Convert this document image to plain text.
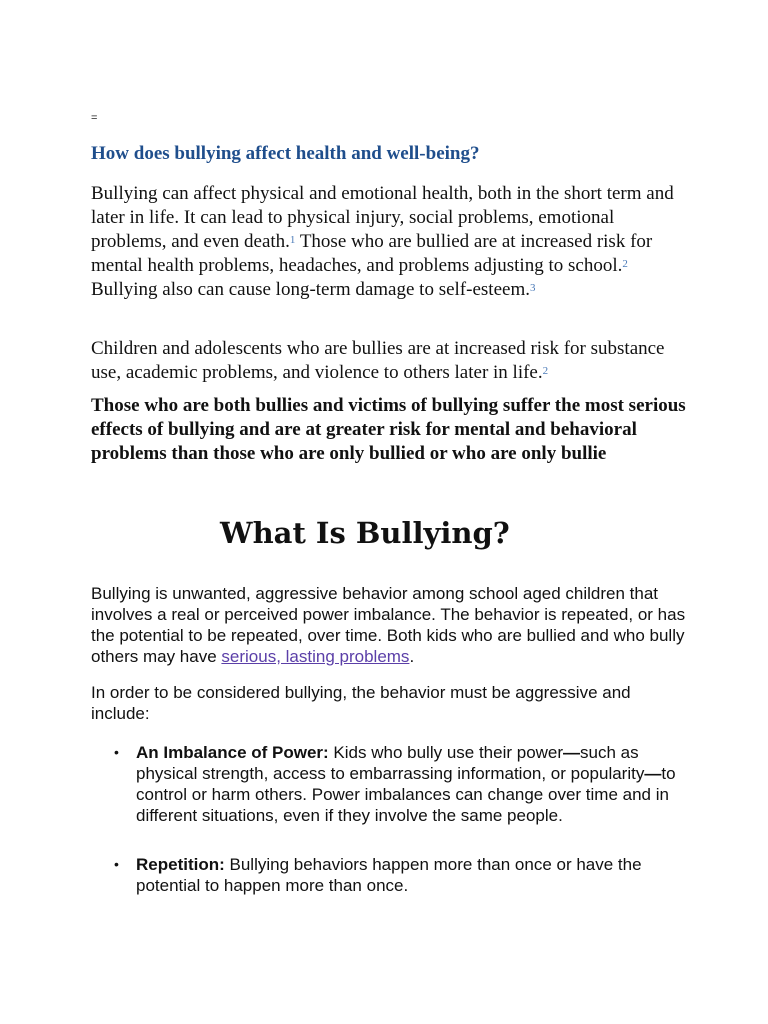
=
How does bullying affect health and well-being?

Bullying can affect physical and emotional health, both in the short term and later in life. It can lead to physical injury, social problems, emotional problems, and even death.$^1$ Those who are bullied are at increased risk for mental health problems, headaches, and problems adjusting to school.$^2$ Bullying also can cause long-term damage to self-esteem.$^3$

Children and adolescents who are bullies are at increased risk for substance use, academic problems, and violence to others later in life.$^2$

Those who are both bullies and victims of bullying suffer the most serious effects of bullying and are at greater risk for mental and behavioral problems than those who are only bullied or who are only bullie

What Is Bullying?

Bullying is unwanted, aggressive behavior among school aged children that involves a real or perceived power imbalance. The behavior is repeated, or has the potential to be repeated, over time. Both kids who are bullied and who bully others may have serious, lasting problems.

In order to be considered bullying, the behavior must be aggressive and include:

• An Imbalance of Power: Kids who bully use their power—such as physical strength, access to embarrassing information, or popularity—to control or harm others. Power imbalances can change over time and in different situations, even if they involve the same people.
• Repetition: Bullying behaviors happen more than once or have the potential to happen more than once.
